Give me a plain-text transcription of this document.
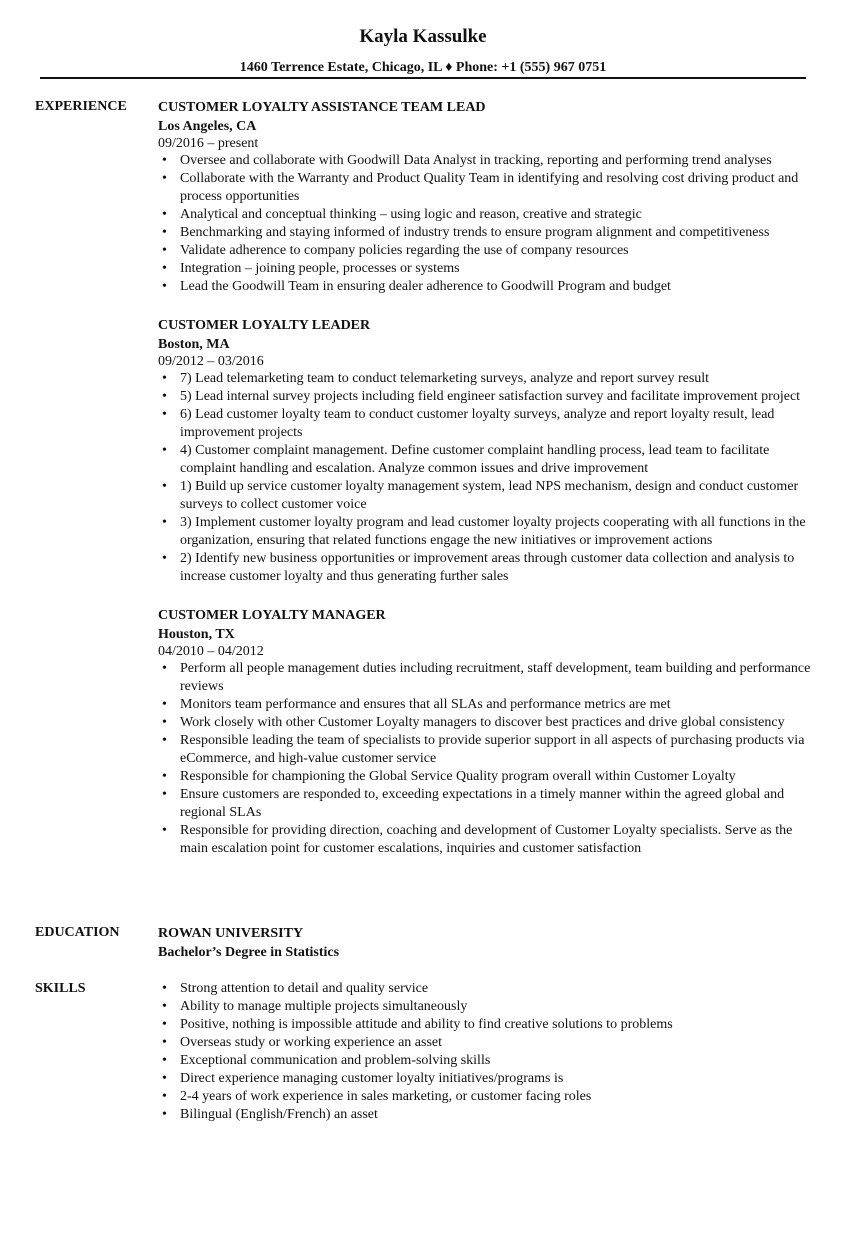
Kayla Kassulke
1460 Terrence Estate, Chicago, IL ♦ Phone: +1 (555) 967 0751
EXPERIENCE CUSTOMER LOYALTY ASSISTANCE TEAM LEAD
Los Angeles, CA
09/2016 – present
• Oversee and collaborate with Goodwill Data Analyst in tracking, reporting and performing trend analyses
• Collaborate with the Warranty and Product Quality Team in identifying and resolving cost driving product and process opportunities
• Analytical and conceptual thinking – using logic and reason, creative and strategic
• Benchmarking and staying informed of industry trends to ensure program alignment and competitiveness
• Validate adherence to company policies regarding the use of company resources
• Integration – joining people, processes or systems
• Lead the Goodwill Team in ensuring dealer adherence to Goodwill Program and budget
CUSTOMER LOYALTY LEADER
Boston, MA
09/2012 – 03/2016
• 7) Lead telemarketing team to conduct telemarketing surveys, analyze and report survey result
• 5) Lead internal survey projects including field engineer satisfaction survey and facilitate improvement project
• 6) Lead customer loyalty team to conduct customer loyalty surveys, analyze and report loyalty result, lead improvement projects
• 4) Customer complaint management. Define customer complaint handling process, lead team to facilitate complaint handling and escalation. Analyze common issues and drive improvement
• 1) Build up service customer loyalty management system, lead NPS mechanism, design and conduct customer surveys to collect customer voice
• 3) Implement customer loyalty program and lead customer loyalty projects cooperating with all functions in the organization, ensuring that related functions engage the new initiatives or improvement actions
• 2) Identify new business opportunities or improvement areas through customer data collection and analysis to increase customer loyalty and thus generating further sales
CUSTOMER LOYALTY MANAGER
Houston, TX
04/2010 – 04/2012
• Perform all people management duties including recruitment, staff development, team building and performance reviews
• Monitors team performance and ensures that all SLAs and performance metrics are met
• Work closely with other Customer Loyalty managers to discover best practices and drive global consistency
• Responsible leading the team of specialists to provide superior support in all aspects of purchasing products via eCommerce, and high-value customer service
• Responsible for championing the Global Service Quality program overall within Customer Loyalty
• Ensure customers are responded to, exceeding expectations in a timely manner within the agreed global and regional SLAs
• Responsible for providing direction, coaching and development of Customer Loyalty specialists. Serve as the main escalation point for customer escalations, inquiries and customer satisfaction
EDUCATION	ROWAN UNIVERSITY
Bachelor’s Degree in Statistics
SKILLS
•	Strong attention to detail and quality service
• Ability to manage multiple projects simultaneously
• Positive, nothing is impossible attitude and ability to find creative solutions to problems
• Overseas study or working experience an asset
• Exceptional communication and problem-solving skills
• Direct experience managing customer loyalty initiatives/programs is
• 2-4 years of work experience in sales marketing, or customer facing roles
• Bilingual (English/French) an asset
